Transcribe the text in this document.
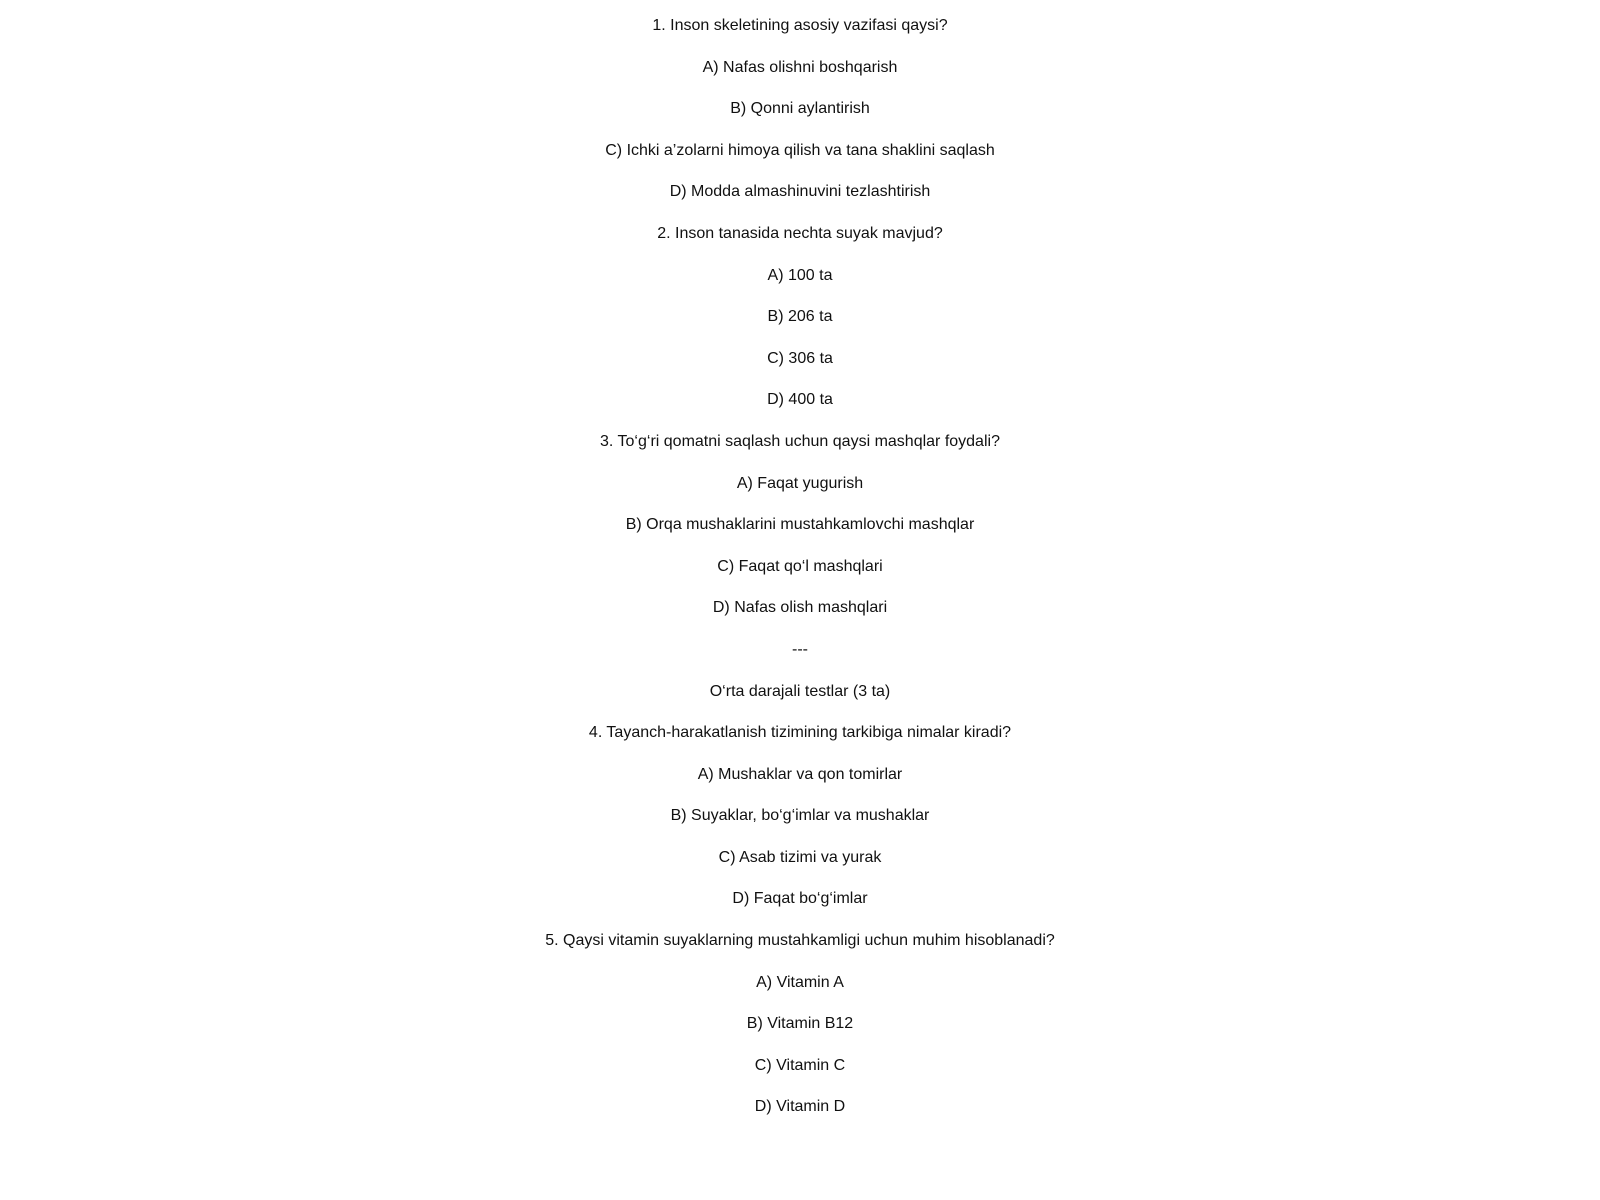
1. Inson skeletining asosiy vazifasi qaysi?
A) Nafas olishni boshqarish
B) Qonni aylantirish
C) Ichki a’zolarni himoya qilish va tana shaklini saqlash
D) Modda almashinuvini tezlashtirish
2. Inson tanasida nechta suyak mavjud?
A) 100 ta
B) 206 ta
C) 306 ta
D) 400 ta
3. To‘g‘ri qomatni saqlash uchun qaysi mashqlar foydali?
A) Faqat yugurish
B) Orqa mushaklarini mustahkamlovchi mashqlar
C) Faqat qo‘l mashqlari
D) Nafas olish mashqlari
---
O‘rta darajali testlar (3 ta)
4. Tayanch-harakatlanish tizimining tarkibiga nimalar kiradi?
A) Mushaklar va qon tomirlar
B) Suyaklar, bo‘g‘imlar va mushaklar
C) Asab tizimi va yurak
D) Faqat bo‘g‘imlar
5. Qaysi vitamin suyaklarning mustahkamligi uchun muhim hisoblanadi?
A) Vitamin A
B) Vitamin B12
C) Vitamin C
D) Vitamin D
